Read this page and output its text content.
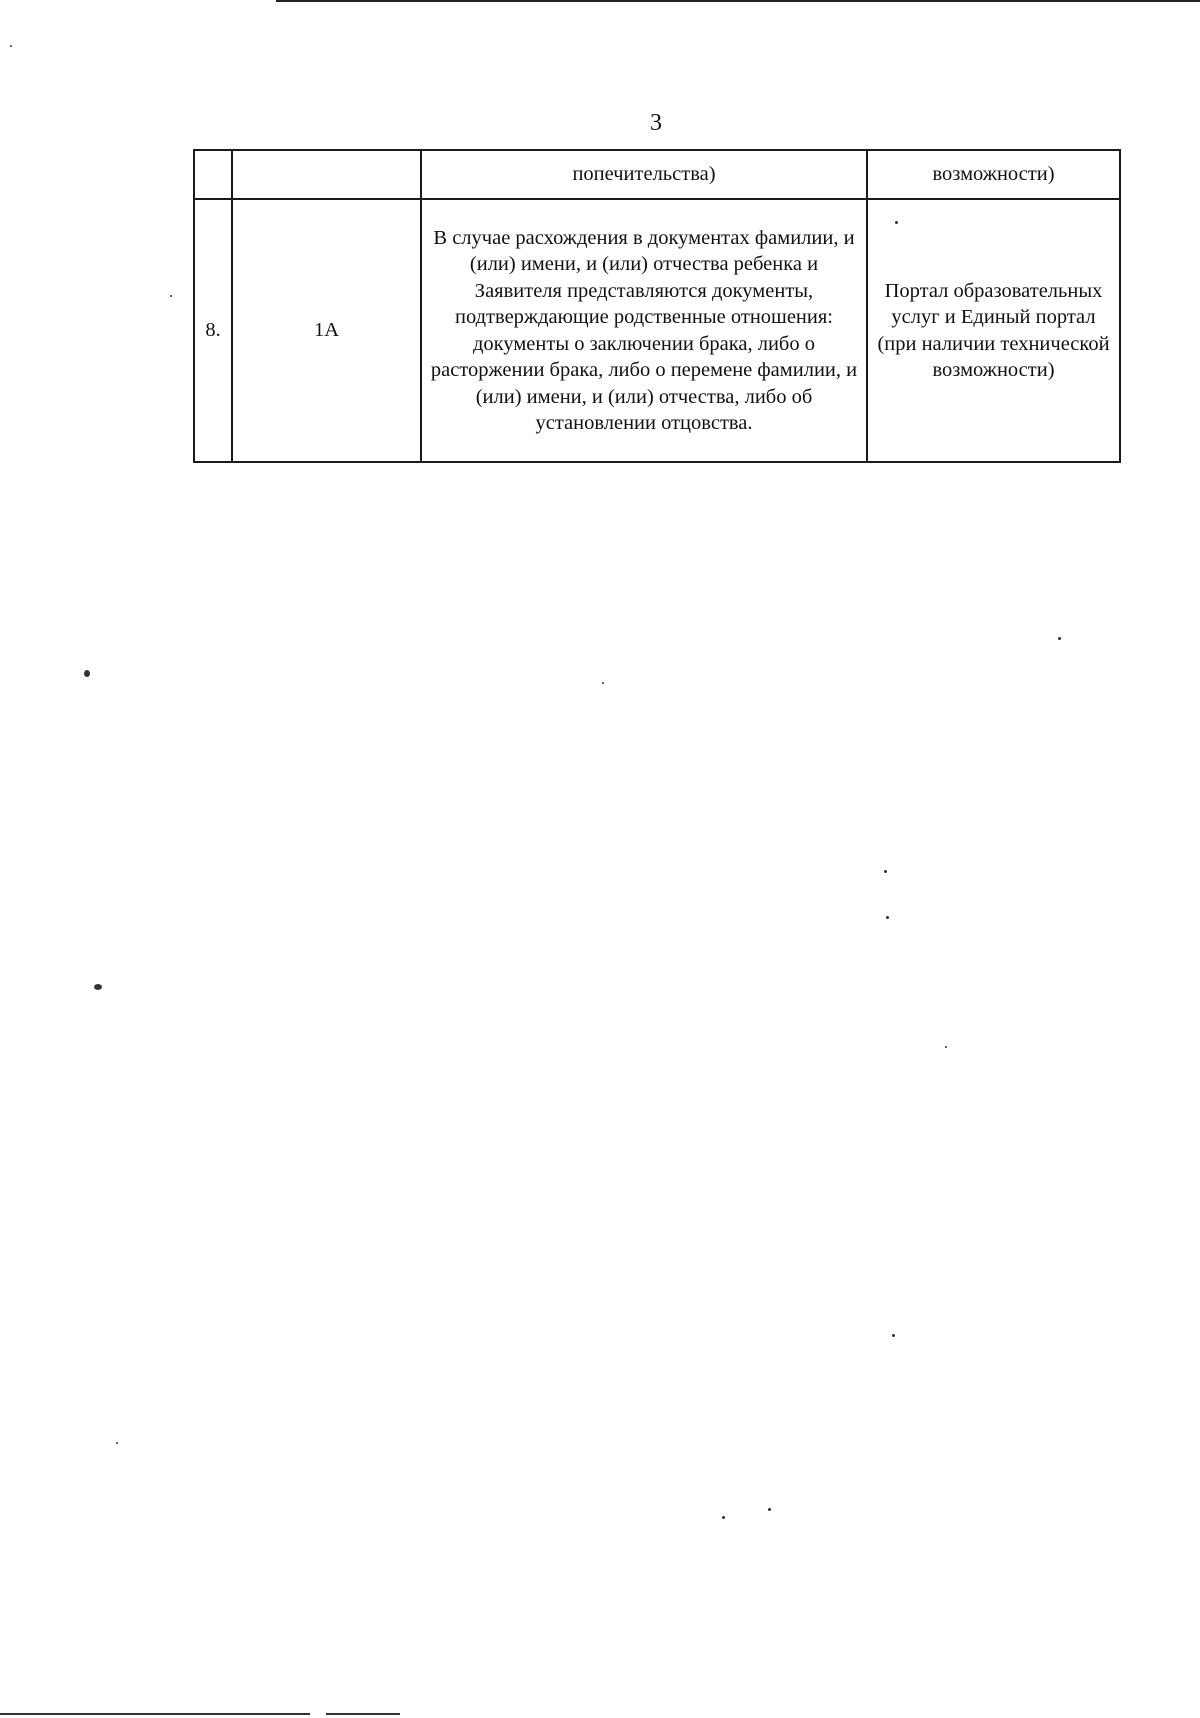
3
		попечительства)	возможности)
8.	1А	В случае расхождения в документах фамилии, и (или) имени, и (или) отчества ребенка и Заявителя представляются документы, подтверждающие родственные отношения: документы о заключении брака, либо о расторжении брака, либо о перемене фамилии, и (или) имени, и (или) отчества, либо об установлении отцовства.	Портал образовательных услуг и Единый портал (при наличии технической возможности)
